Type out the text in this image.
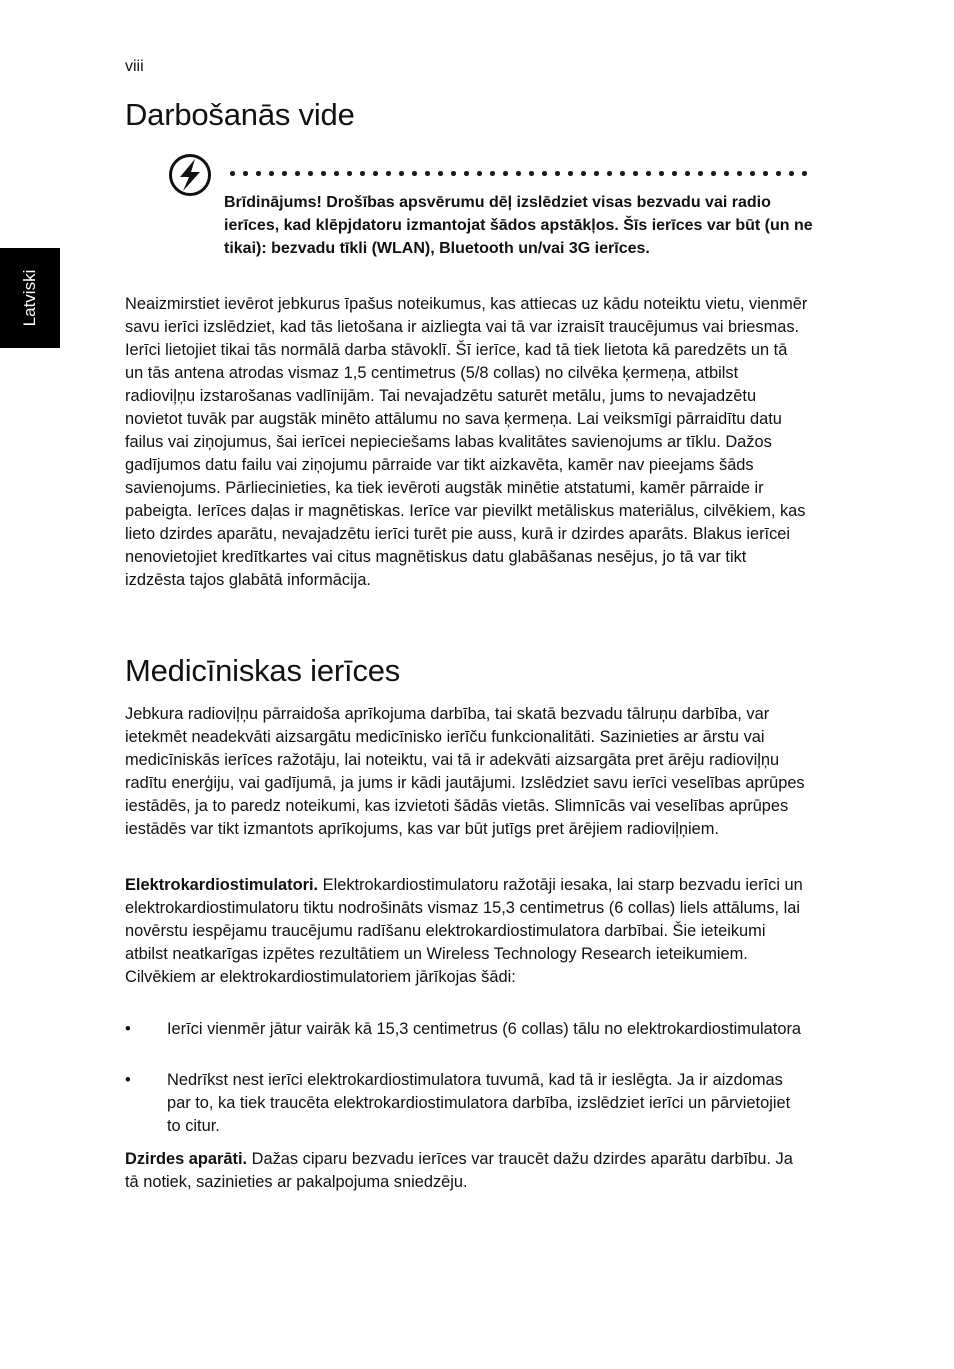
viii
Latviski
Darbošanās vide

Brīdinājums! Drošības apsvērumu dēļ izslēdziet visas bezvadu vai radio ierīces, kad klēpjdatoru izmantojat šādos apstākļos. Šīs ierīces var būt (un ne tikai): bezvadu tīkli (WLAN), Bluetooth un/vai 3G ierīces.

Neaizmirstiet ievērot jebkurus īpašus noteikumus, kas attiecas uz kādu noteiktu vietu, vienmēr savu ierīci izslēdziet, kad tās lietošana ir aizliegta vai tā var izraisīt traucējumus vai briesmas. Ierīci lietojiet tikai tās normālā darba stāvoklī. Šī ierīce, kad tā tiek lietota kā paredzēts un tā un tās antena atrodas vismaz 1,5 centimetrus (5/8 collas) no cilvēka ķermeņa, atbilst radioviļņu izstarošanas vadlīnijām. Tai nevajadzētu saturēt metālu, jums to nevajadzētu novietot tuvāk par augstāk minēto attālumu no sava ķermeņa. Lai veiksmīgi pārraidītu datu failus vai ziņojumus, šai ierīcei nepieciešams labas kvalitātes savienojums ar tīklu. Dažos gadījumos datu failu vai ziņojumu pārraide var tikt aizkavēta, kamēr nav pieejams šāds savienojums. Pārliecinieties, ka tiek ievēroti augstāk minētie atstatumi, kamēr pārraide ir pabeigta. Ierīces daļas ir magnētiskas. Ierīce var pievilkt metāliskus materiālus, cilvēkiem, kas lieto dzirdes aparātu, nevajadzētu ierīci turēt pie auss, kurā ir dzirdes aparāts. Blakus ierīcei nenovietojiet kredītkartes vai citus magnētiskus datu glabāšanas nesējus, jo tā var tikt izdzēsta tajos glabātā informācija.

Medicīniskas ierīces

Jebkura radioviļņu pārraidoša aprīkojuma darbība, tai skatā bezvadu tālruņu darbība, var ietekmēt neadekvāti aizsargātu medicīnisko ierīču funkcionalitāti. Sazinieties ar ārstu vai medicīniskās ierīces ražotāju, lai noteiktu, vai tā ir adekvāti aizsargāta pret ārēju radioviļņu radītu enerģiju, vai gadījumā, ja jums ir kādi jautājumi. Izslēdziet savu ierīci veselības aprūpes iestādēs, ja to paredz noteikumi, kas izvietoti šādās vietās. Slimnīcās vai veselības aprūpes iestādēs var tikt izmantots aprīkojums, kas var būt jutīgs pret ārējiem radioviļņiem.

Elektrokardiostimulatori. Elektrokardiostimulatoru ražotāji iesaka, lai starp bezvadu ierīci un elektrokardiostimulatoru tiktu nodrošināts vismaz 15,3 centimetrus (6 collas) liels attālums, lai novērstu iespējamu traucējumu radīšanu elektrokardiostimulatora darbībai. Šie ieteikumi atbilst neatkarīgas izpētes rezultātiem un Wireless Technology Research ieteikumiem. Cilvēkiem ar elektrokardiostimulatoriem jārīkojas šādi:

• Ierīci vienmēr jātur vairāk kā 15,3 centimetrus (6 collas) tālu no elektrokardiostimulatora
• Nedrīkst nest ierīci elektrokardiostimulatora tuvumā, kad tā ir ieslēgta. Ja ir aizdomas par to, ka tiek traucēta elektrokardiostimulatora darbība, izslēdziet ierīci un pārvietojiet to citur.

Dzirdes aparāti. Dažas ciparu bezvadu ierīces var traucēt dažu dzirdes aparātu darbību. Ja tā notiek, sazinieties ar pakalpojuma sniedzēju.
